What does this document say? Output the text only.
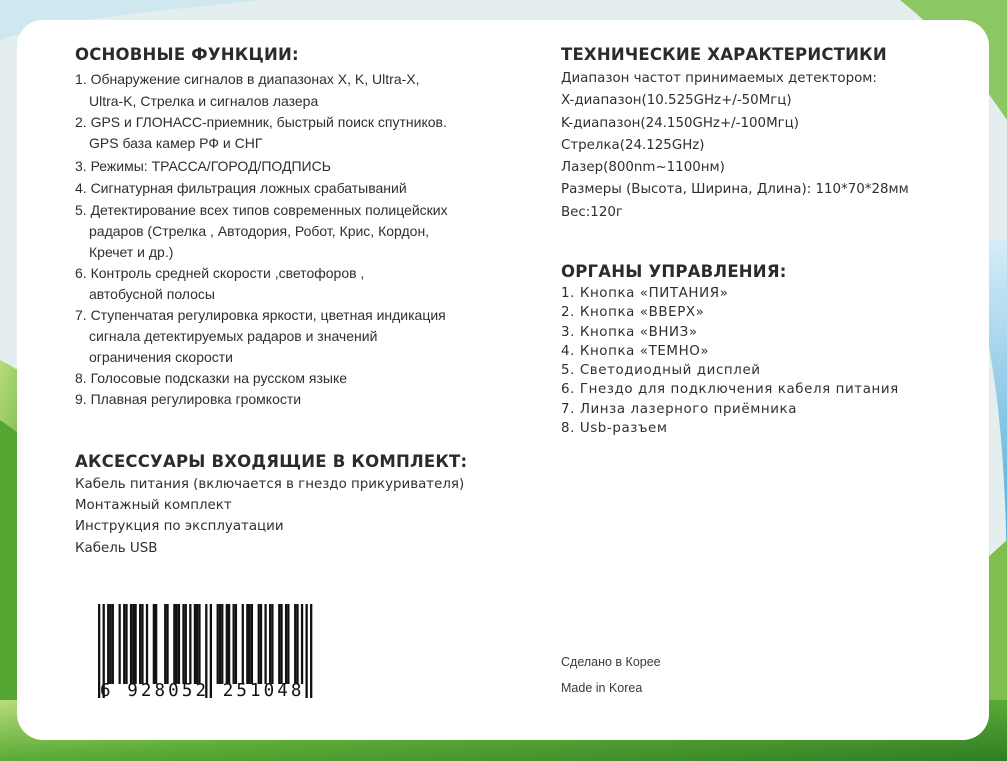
ОСНОВНЫЕ ФУНКЦИИ:
1. Обнаружение сигналов в диапазонах X, K, Ultra-X,
Ultra-K, Стрелка и сигналов лазера
2. GPS и ГЛОНАСС-приемник, быстрый поиск спутников.
GPS база камер РФ и СНГ
3. Режимы: ТРАССА/ГОРОД/ПОДПИСЬ
4. Сигнатурная фильтрация ложных срабатываний
5. Детектирование всех типов современных полицейских
радаров (Стрелка , Автодория, Робот, Крис, Кордон,
Кречет и др.)
6. Контроль средней скорости ,светофоров ,
автобусной полосы
7. Ступенчатая регулировка яркости, цветная индикация
сигнала детектируемых радаров и значений
ограничения скорости
8. Голосовые подсказки на русском языке
9. Плавная регулировка громкости
АКСЕССУАРЫ ВХОДЯЩИЕ В КОМПЛЕКТ:
Кабель питания (включается в гнездо прикуривателя)
Монтажный комплект
Инструкция по эксплуатации
Кабель USB
ТЕХНИЧЕСКИЕ ХАРАКТЕРИСТИКИ
Диапазон частот принимаемых детектором:
X-диапазон(10.525GHz+/-50Мгц)
K-диапазон(24.150GHz+/-100Мгц)
Стрелка(24.125GHz)
Лазер(800nm~1100нм)
Размеры (Высота, Ширина, Длина): 110*70*28мм
Вес:120г
ОРГАНЫ УПРАВЛЕНИЯ:
1. Кнопка «ПИТАНИЯ»
2. Кнопка «ВВЕРХ»
3. Кнопка «ВНИЗ»
4. Кнопка «ТЕМНО»
5. Светодиодный дисплей
6. Гнездо для подключения кабеля питания
7. Линза лазерного приёмника
8. Usb-разъем
Сделано в Корее
Made in Korea
6 928052 251048
